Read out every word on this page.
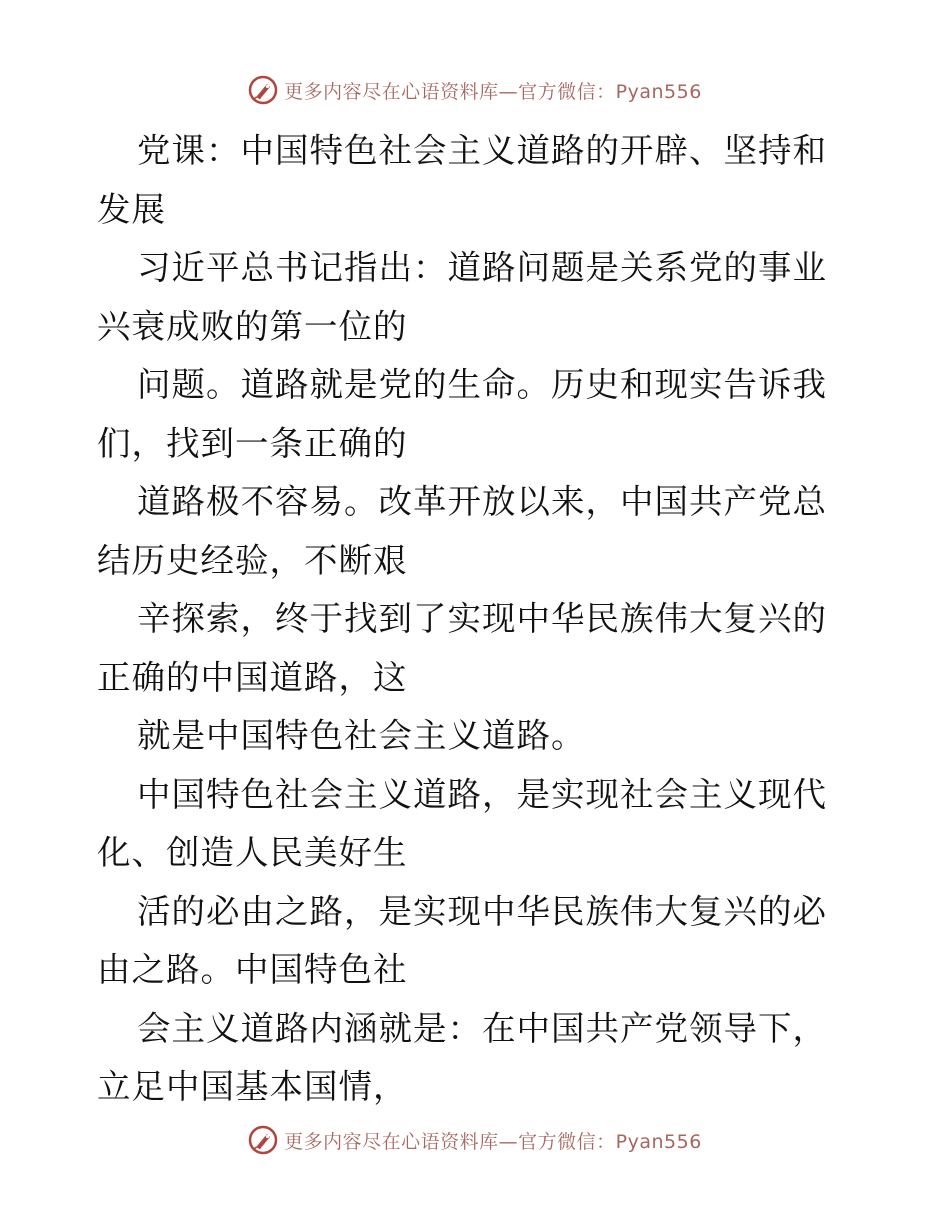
更多内容尽在心语资料库—官方微信：Pyan556

党课：中国特色社会主义道路的开辟、坚持和发展

习近平总书记指出：道路问题是关系党的事业兴衰成败的第一位的

问题。道路就是党的生命。历史和现实告诉我们，找到一条正确的

道路极不容易。改革开放以来，中国共产党总结历史经验，不断艰

辛探索，终于找到了实现中华民族伟大复兴的正确的中国道路，这

就是中国特色社会主义道路。

中国特色社会主义道路，是实现社会主义现代化、创造人民美好生

活的必由之路，是实现中华民族伟大复兴的必由之路。中国特色社

会主义道路内涵就是：在中国共产党领导下，立足中国基本国情，

更多内容尽在心语资料库—官方微信：Pyan556
